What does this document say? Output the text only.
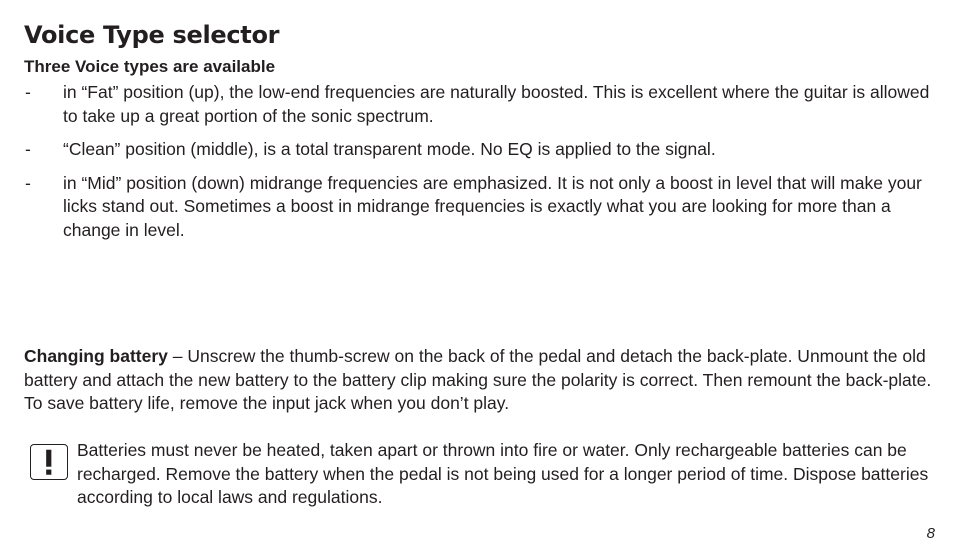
Voice Type selector
Three Voice types are available
- in “Fat” position (up), the low-end frequencies are naturally boosted. This is excellent where the guitar is allowed to take up a great portion of the sonic spectrum.
- “Clean” position (middle), is a total transparent mode. No EQ is applied to the signal.
- in “Mid” position (down) midrange frequencies are emphasized. It is not only a boost in level that will make your licks stand out. Sometimes a boost in midrange frequencies is exactly what you are looking for more than a change in level.

Changing battery – Unscrew the thumb-screw on the back of the pedal and detach the back-plate. Unmount the old battery and attach the new battery to the battery clip making sure the polarity is correct. Then remount the back-plate. To save battery life, remove the input jack when you don’t play.

Batteries must never be heated, taken apart or thrown into fire or water. Only rechargeable batteries can be recharged. Remove the battery when the pedal is not being used for a longer period of time. Dispose batteries according to local laws and regulations.

8
